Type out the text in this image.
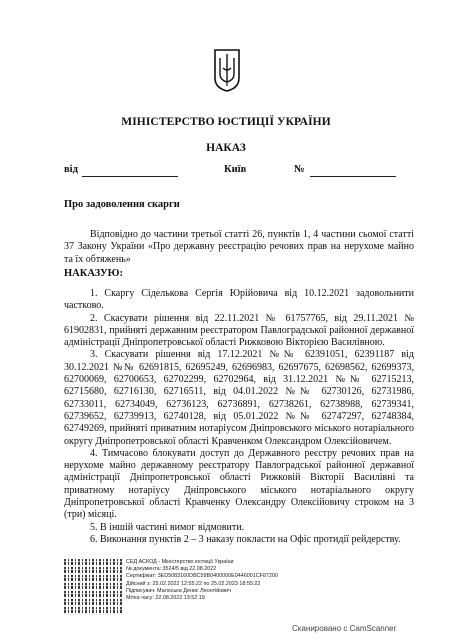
МІНІСТЕРСТВО ЮСТИЦІЇ УКРАЇНИ
НАКАЗ
від	Київ	№
Про задоволення скарги

Відповідно до частини третьої статті 26, пунктів 1, 4 частини сьомої статті 37 Закону України «Про державну реєстрацію речових прав на нерухоме майно та їх обтяжень»

НАКАЗУЮ:

1. Скаргу Сіделькова Сергія Юрійовича від 10.12.2021 задовольнити частково.

2. Скасувати рішення від 22.11.2021 № 61757765, від 29.11.2021 № 61902831, прийняті державним реєстратором Павлоградської районної державної адміністрації Дніпропетровської області Рижковою Вікторією Василівною.

3. Скасувати рішення від 17.12.2021 №№ 62391051, 62391187 від 30.12.2021 №№ 62691815, 62695249, 62696983, 62697675, 62698562, 62699373, 62700069, 62700653, 62702299, 62702964, від 31.12.2021 №№ 62715213, 62715680, 62716130, 62716511, від 04.01.2022 №№ 62730126, 62731986, 62733011, 62734049, 62736123, 62736891, 62738261, 62738988, 62739341, 62739652, 62739913, 62740128, від 05.01.2022 №№ 62747297, 62748384, 62749269, прийняті приватним нотаріусом Дніпровського міського нотаріального округу Дніпропетровської області Кравченком Олександром Олексійовичем.

4. Тимчасово блокувати доступ до Державного реєстру речових прав на нерухоме майно державному реєстратору Павлоградської районної державної адміністрації Дніпропетровської області Рижковій Вікторії Василівні та приватному нотаріусу Дніпровського міського нотаріального округу Дніпропетровської області Кравченку Олександру Олексійовичу строком на 3 (три) місяці.

5. В іншій частині вимог відмовити.

6. Виконання пунктів 2 – 3 наказу покласти на Офіс протидії рейдерству.

СЕД АСКОД - Міністерство юстиції України
№ документа: 3524/5 від 22.08.2022
Сертифікат: 3ED5083160DBC59B0400000E0446001CF87200
Дійсний з: 25.02.2022 12:55:22 по 25.02.2023 18:55:22
Підписувач: Малоська Денис Леонтійович
Мітка часу: 22.08.2022 13:52:19
Сканировано с CamScanner
